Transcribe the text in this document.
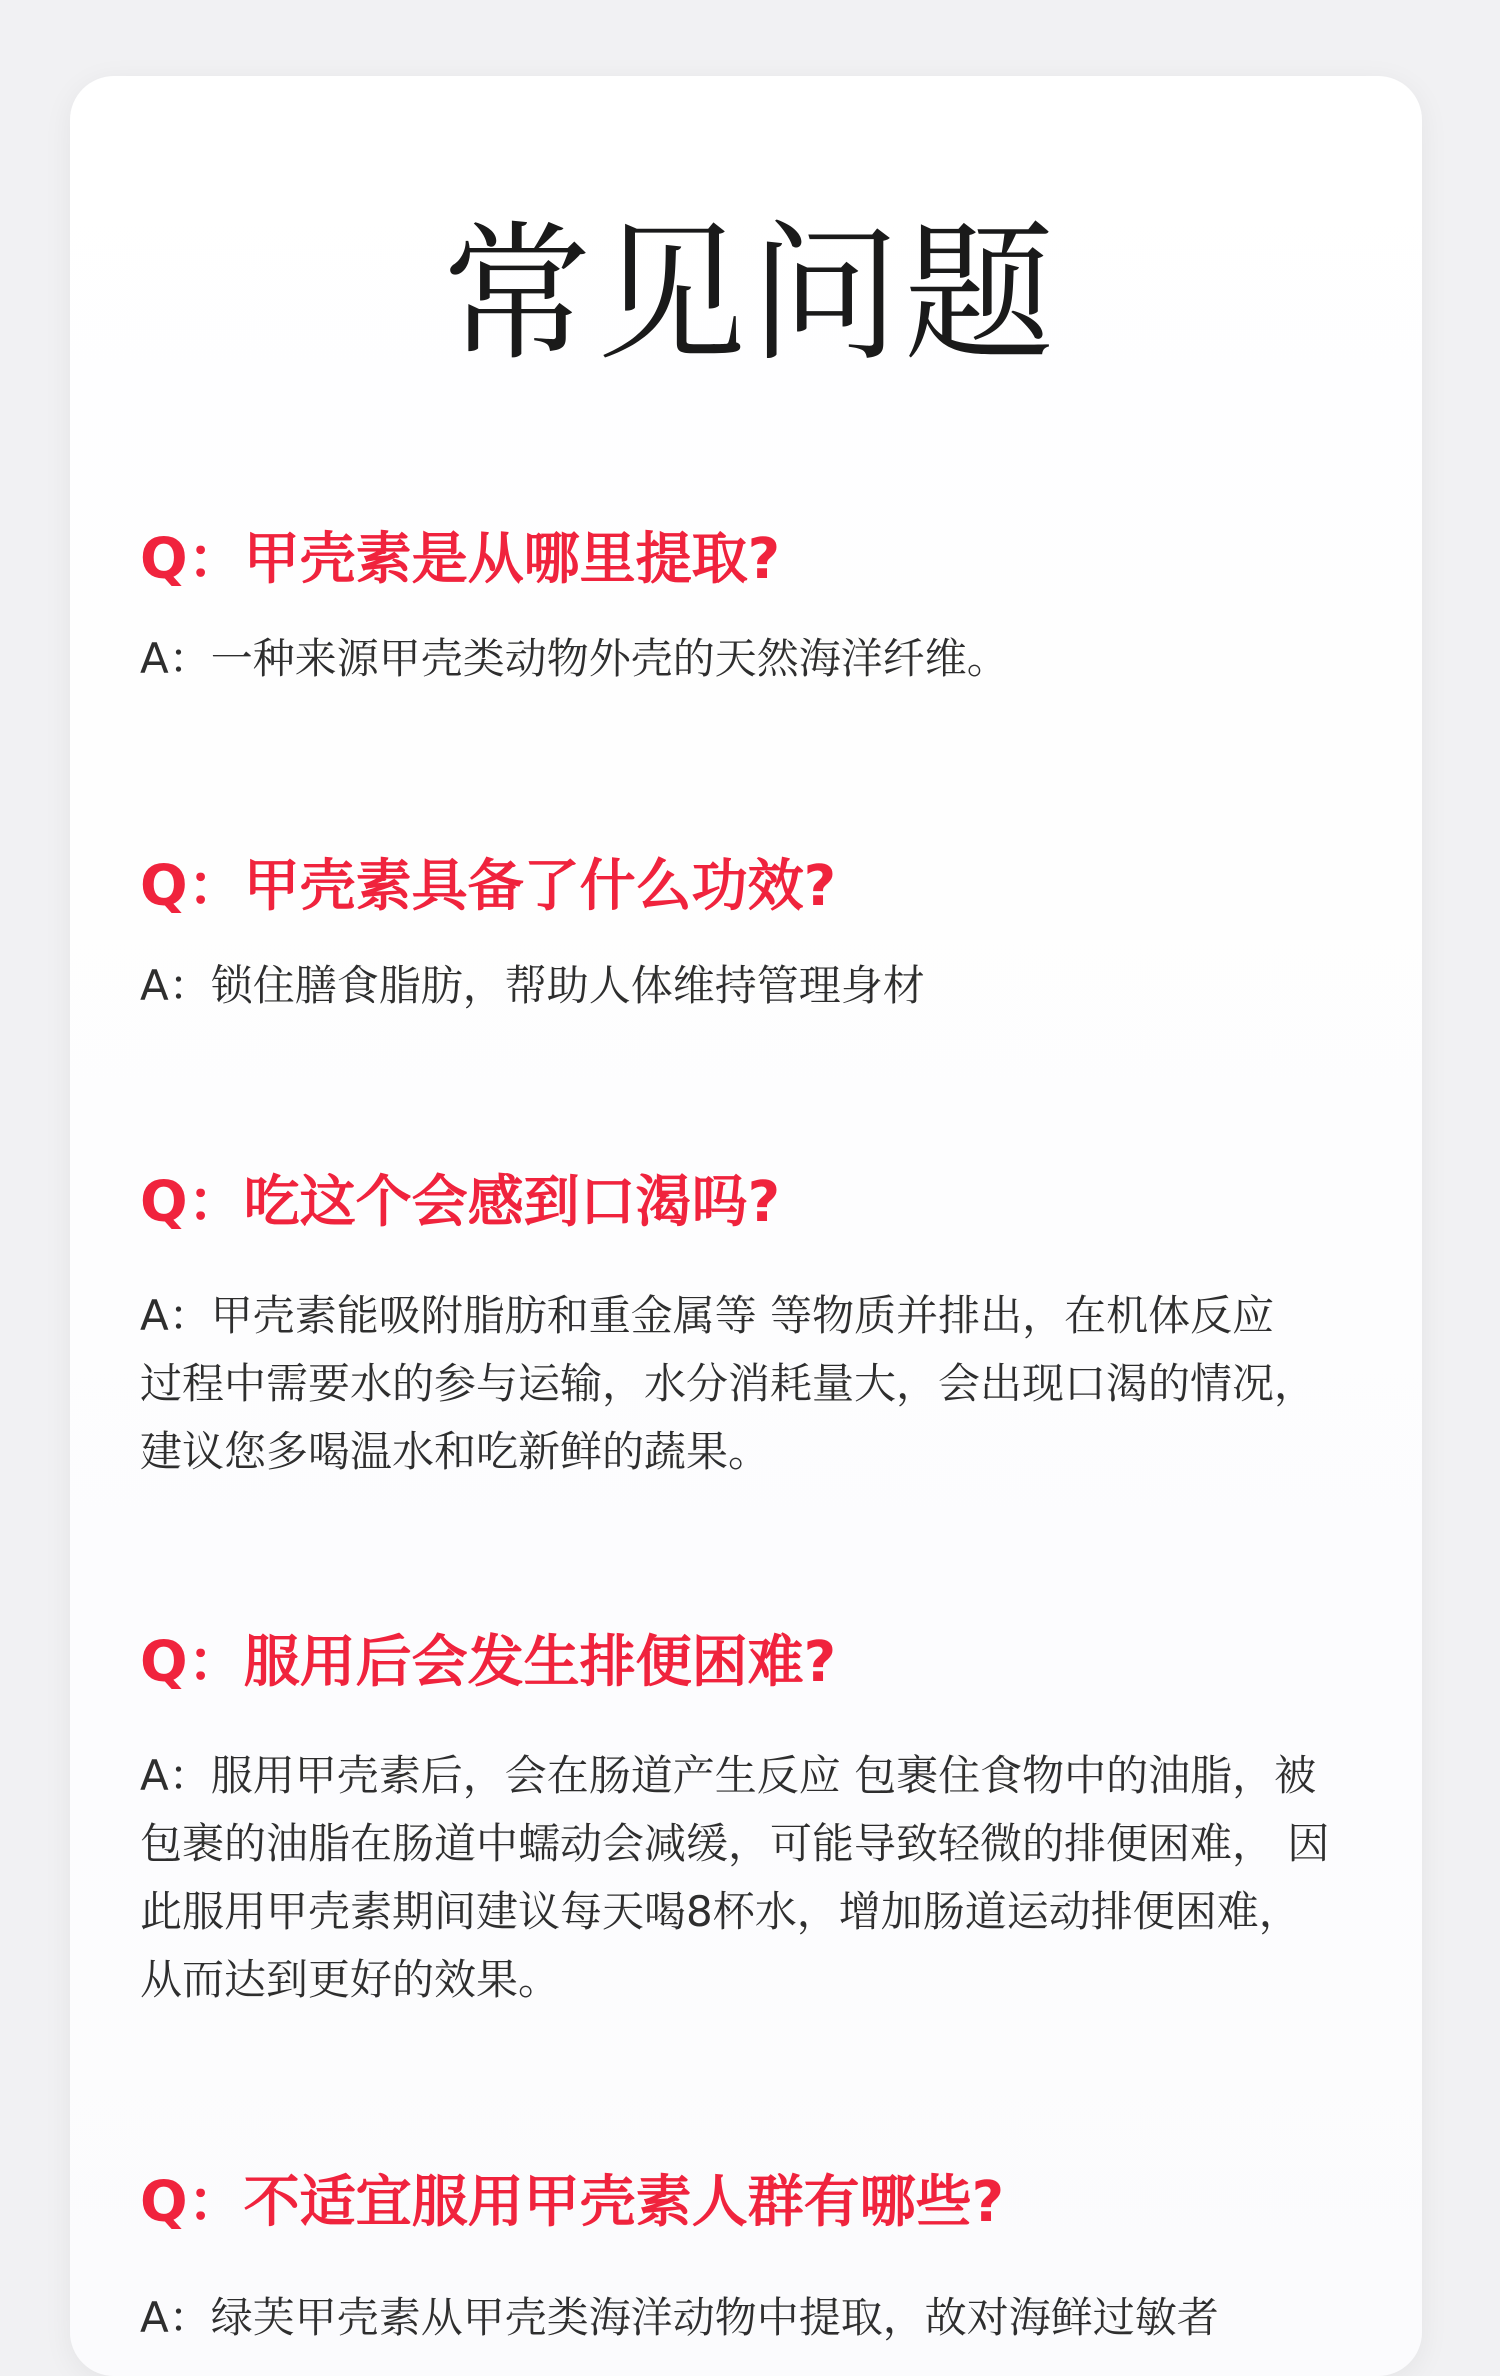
常见问题

Q：甲壳素是从哪里提取?

A：一种来源甲壳类动物外壳的天然海洋纤维。

Q：甲壳素具备了什么功效?

A：锁住膳食脂肪，帮助人体维持管理身材

Q：吃这个会感到口渴吗?

A：甲壳素能吸附脂肪和重金属等 等物质并排出，在机体反应
过程中需要水的参与运输，水分消耗量大，会出现口渴的情况，
建议您多喝温水和吃新鲜的蔬果。

Q：服用后会发生排便困难?

A：服用甲壳素后，会在肠道产生反应 包裹住食物中的油脂，被
包裹的油脂在肠道中蠕动会减缓，可能导致轻微的排便困难， 因
此服用甲壳素期间建议每天喝8杯水，增加肠道运动排便困难，
从而达到更好的效果。

Q：不适宜服用甲壳素人群有哪些?

A：绿芙甲壳素从甲壳类海洋动物中提取，故对海鲜过敏者
